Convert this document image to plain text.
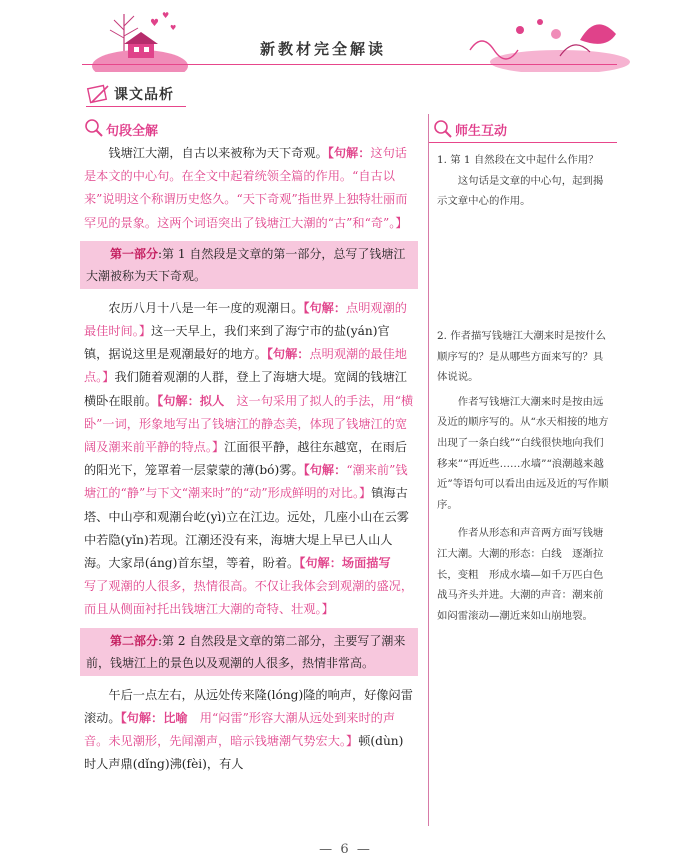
♥
♥
♥
新教材完全解读
课文品析
句段全解

钱塘江大潮，自古以来被称为天下奇观。【句解：这句话是本文的中心句。在全文中起着统领全篇的作用。“自古以来”说明这个称谓历史悠久。“天下奇观”指世界上独特壮丽而罕见的景象。这两个词语突出了钱塘江大潮的“古”和“奇”。】

第一部分:第 1 自然段是文章的第一部分，总写了钱塘江大潮被称为天下奇观。

农历八月十八是一年一度的观潮日。【句解：点明观潮的最佳时间。】这一天早上，我们来到了海宁市的盐(yán)官镇，据说这里是观潮最好的地方。【句解：点明观潮的最佳地点。】我们随着观潮的人群，登上了海塘大堤。宽阔的钱塘江横卧在眼前。【句解：拟人　这一句采用了拟人的手法，用“横卧”一词，形象地写出了钱塘江的静态美，体现了钱塘江的宽阔及潮来前平静的特点。】江面很平静，越往东越宽，在雨后的阳光下，笼罩着一层蒙蒙的薄(bó)雾。【句解：“潮来前”钱塘江的“静”与下文“潮来时”的“动”形成鲜明的对比。】镇海古塔、中山亭和观潮台屹(yì)立在江边。远处，几座小山在云雾中若隐(yǐn)若现。江潮还没有来，海塘大堤上早已人山人海。大家昂(áng)首东望，等着，盼着。【句解：场面描写　写了观潮的人很多，热情很高。不仅让我体会到观潮的盛况，而且从侧面衬托出钱塘江大潮的奇特、壮观。】

第二部分:第 2 自然段是文章的第二部分，主要写了潮来前，钱塘江上的景色以及观潮的人很多，热情非常高。

午后一点左右，从远处传来隆(lóng)隆的响声，好像闷雷滚动。【句解：比喻　用“闷雷”形容大潮从远处到来时的声音。未见潮形，先闻潮声，暗示钱塘潮气势宏大。】顿(dùn)时人声鼎(dǐng)沸(fèi)，有人

师生互动

1. 第 1 自然段在文中起什么作用？

这句话是文章的中心句，起到揭示文章中心的作用。

2. 作者描写钱塘江大潮来时是按什么顺序写的？是从哪些方面来写的？具体说说。

作者写钱塘江大潮来时是按由远及近的顺序写的。从“水天相接的地方出现了一条白线”“白线很快地向我们移来”“再近些……水墙”“浪潮越来越近”等语句可以看出由远及近的写作顺序。

作者从形态和声音两方面写钱塘江大潮。大潮的形态：白线　逐渐拉长，变粗　形成水墙—如千万匹白色战马齐头并进。大潮的声音：潮来前如闷雷滚动—潮近来如山崩地裂。

—  6  —
